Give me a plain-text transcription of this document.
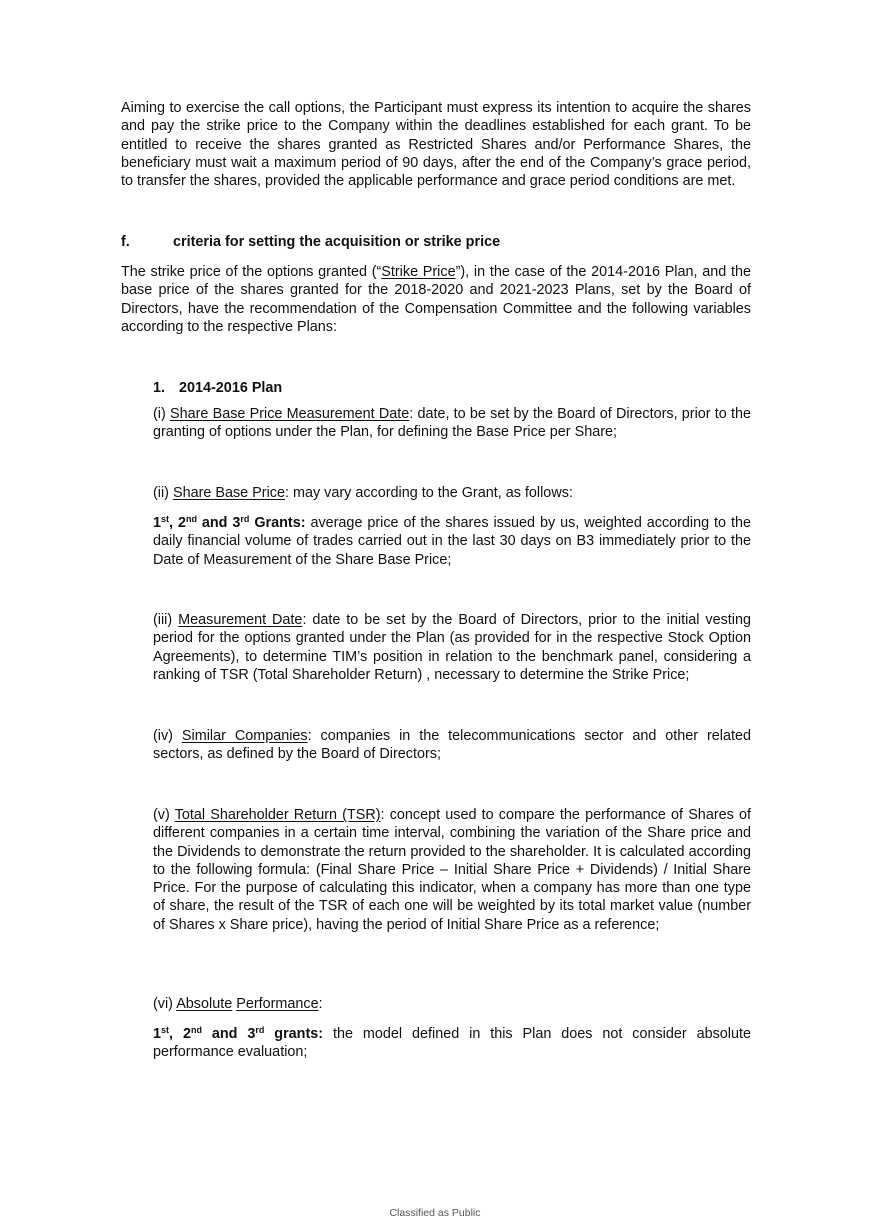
Aiming to exercise the call options, the Participant must express its intention to acquire the shares and pay the strike price to the Company within the deadlines established for each grant. To be entitled to receive the shares granted as Restricted Shares and/or Performance Shares, the beneficiary must wait a maximum period of 90 days, after the end of the Company’s grace period, to transfer the shares, provided the applicable performance and grace period conditions are met.

f.	criteria for setting the acquisition or strike price

The strike price of the options granted (“Strike Price”), in the case of the 2014-2016 Plan, and the base price of the shares granted for the 2018-2020 and 2021-2023 Plans, set by the Board of Directors, have the recommendation of the Compensation Committee and the following variables according to the respective Plans:

1. 2014-2016 Plan

(i) Share Base Price Measurement Date: date, to be set by the Board of Directors, prior to the granting of options under the Plan, for defining the Base Price per Share;

(ii) Share Base Price: may vary according to the Grant, as follows:

1st, 2nd and 3rd Grants: average price of the shares issued by us, weighted according to the daily financial volume of trades carried out in the last 30 days on B3 immediately prior to the Date of Measurement of the Share Base Price;

(iii) Measurement Date: date to be set by the Board of Directors, prior to the initial vesting period for the options granted under the Plan (as provided for in the respective Stock Option Agreements), to determine TIM’s position in relation to the benchmark panel, considering a ranking of TSR (Total Shareholder Return) , necessary to determine the Strike Price;

(iv) Similar Companies: companies in the telecommunications sector and other related sectors, as defined by the Board of Directors;

(v) Total Shareholder Return (TSR): concept used to compare the performance of Shares of different companies in a certain time interval, combining the variation of the Share price and the Dividends to demonstrate the return provided to the shareholder. It is calculated according to the following formula: (Final Share Price – Initial Share Price + Dividends) / Initial Share Price. For the purpose of calculating this indicator, when a company has more than one type of share, the result of the TSR of each one will be weighted by its total market value (number of Shares x Share price), having the period of Initial Share Price as a reference;

(vi) Absolute Performance:

1st, 2nd and 3rd grants: the model defined in this Plan does not consider absolute performance evaluation;

Classified as Public
